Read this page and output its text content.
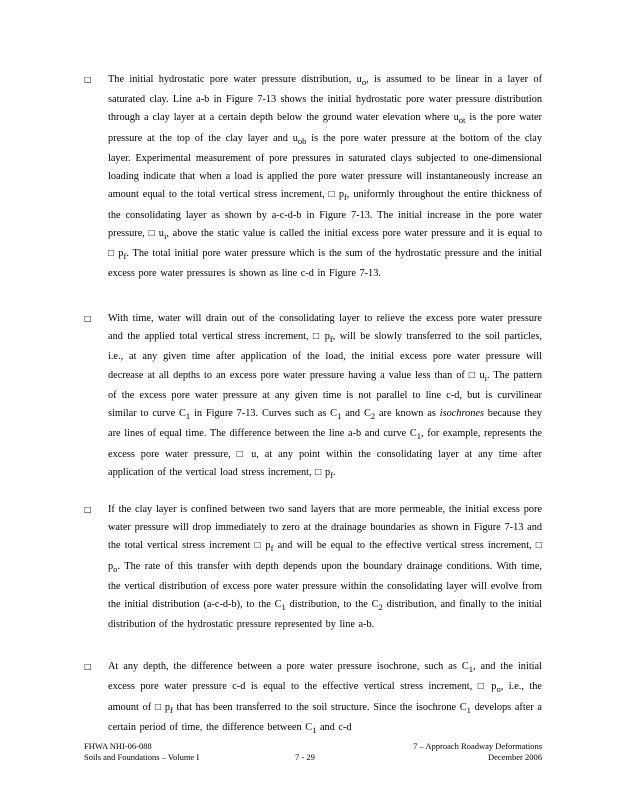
□ The initial hydrostatic pore water pressure distribution, $u_o$, is assumed to be linear in a layer of saturated clay. Line a-b in Figure 7-13 shows the initial hydrostatic pore water pressure distribution through a clay layer at a certain depth below the ground water elevation where $u_{ot}$ is the pore water pressure at the top of the clay layer and $u_{ob}$ is the pore water pressure at the bottom of the clay layer. Experimental measurement of pore pressures in saturated clays subjected to one-dimensional loading indicate that when a load is applied the pore water pressure will instantaneously increase an amount equal to the total vertical stress increment, □ $p_f$, uniformly throughout the entire thickness of the consolidating layer as shown by a-c-d-b in Figure 7-13. The initial increase in the pore water pressure, □ $u_i$, above the static value is called the initial excess pore water pressure and it is equal to □ $p_f$. The total initial pore water pressure which is the sum of the hydrostatic pressure and the initial excess pore water pressures is shown as line c-d in Figure 7-13.

□ With time, water will drain out of the consolidating layer to relieve the excess pore water pressure and the applied total vertical stress increment, □ $p_f$, will be slowly transferred to the soil particles, i.e., at any given time after application of the load, the initial excess pore water pressure will decrease at all depths to an excess pore water pressure having a value less than of □ $u_i$. The pattern of the excess pore water pressure at any given time is not parallel to line c-d, but is curvilinear similar to curve $C_1$ in Figure 7-13. Curves such as $C_1$ and $C_2$ are known as isochrones because they are lines of equal time. The difference between the line a-b and curve $C_1$, for example, represents the excess pore water pressure, □ u, at any point within the consolidating layer at any time after application of the vertical load stress increment, □ $p_f$.

□ If the clay layer is confined between two sand layers that are more permeable, the initial excess pore water pressure will drop immediately to zero at the drainage boundaries as shown in Figure 7-13 and the total vertical stress increment □ $p_f$ and will be equal to the effective vertical stress increment, □ $p_o$. The rate of this transfer with depth depends upon the boundary drainage conditions. With time, the vertical distribution of excess pore water pressure within the consolidating layer will evolve from the initial distribution (a-c-d-b), to the $C_1$ distribution, to the $C_2$ distribution, and finally to the initial distribution of the hydrostatic pressure represented by line a-b.

□ At any depth, the difference between a pore water pressure isochrone, such as $C_1$, and the initial excess pore water pressure c-d is equal to the effective vertical stress increment, □ $p_o$, i.e., the amount of □ $p_f$ that has been transferred to the soil structure. Since the isochrone $C_1$ develops after a certain period of time, the difference between $C_1$ and c-d

FHWA NHI-06-088
Soils and Foundations – Volume I	7 - 29
7 – Approach Roadway Deformations
December 2006
